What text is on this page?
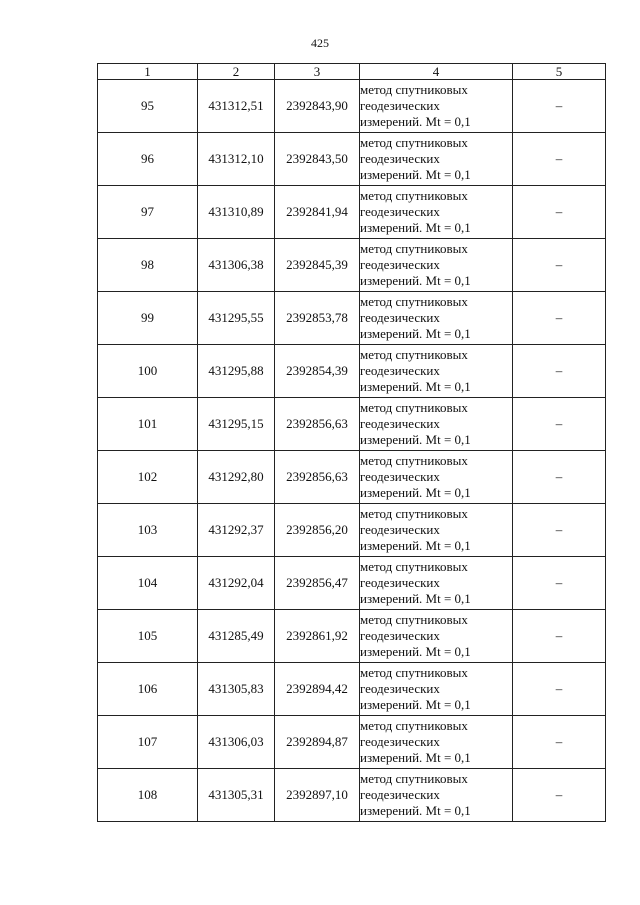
425
1	2	3	4	5
95	431312,51	2392843,90	метод спутниковых
геодезических
измерений. Mt = 0,1	–
96	431312,10	2392843,50	метод спутниковых
геодезических
измерений. Mt = 0,1	–
97	431310,89	2392841,94	метод спутниковых
геодезических
измерений. Mt = 0,1	–
98	431306,38	2392845,39	метод спутниковых
геодезических
измерений. Mt = 0,1	–
99	431295,55	2392853,78	метод спутниковых
геодезических
измерений. Mt = 0,1	–
100	431295,88	2392854,39	метод спутниковых
геодезических
измерений. Mt = 0,1	–
101	431295,15	2392856,63	метод спутниковых
геодезических
измерений. Mt = 0,1	–
102	431292,80	2392856,63	метод спутниковых
геодезических
измерений. Mt = 0,1	–
103	431292,37	2392856,20	метод спутниковых
геодезических
измерений. Mt = 0,1	–
104	431292,04	2392856,47	метод спутниковых
геодезических
измерений. Mt = 0,1	–
105	431285,49	2392861,92	метод спутниковых
геодезических
измерений. Mt = 0,1	–
106	431305,83	2392894,42	метод спутниковых
геодезических
измерений. Mt = 0,1	–
107	431306,03	2392894,87	метод спутниковых
геодезических
измерений. Mt = 0,1	–
108	431305,31	2392897,10	метод спутниковых
геодезических
измерений. Mt = 0,1	–
